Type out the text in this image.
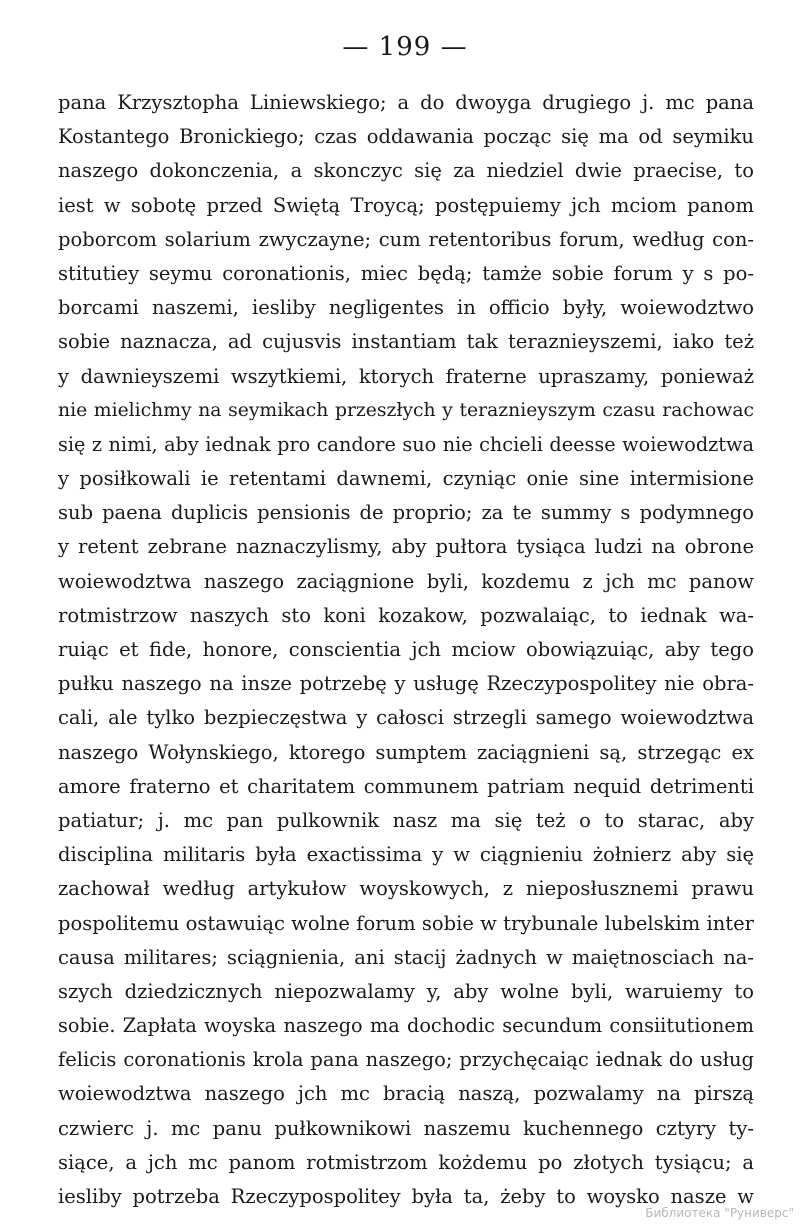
— 199 —
pana Krzysztopha Liniewskiego; a do dwoyga drugiego j. mc pana
Kostantego Bronickiego; czas oddawania począc się ma od seymiku
naszego dokonczenia, a skonczyc się za niedziel dwie praecise, to
iest w sobotę przed Swiętą Troycą; postępuiemy jch mciom panom
poborcom solarium zwyczayne; cum retentoribus forum, według con-
stitutiey seymu coronationis, miec będą; tamże sobie forum y s po-
borcami naszemi, iesliby negligentes in officio były, woiewodztwo
sobie naznacza, ad cujusvis instantiam tak teraznieyszemi, iako też
y dawnieyszemi wszytkiemi, ktorych fraterne upraszamy, ponieważ
nie mielichmy na seymikach przeszłych y teraznieyszym czasu rachowac
się z nimi, aby iednak pro candore suo nie chcieli deesse woiewodztwa
y posiłkowali ie retentami dawnemi, czyniąc onie sine intermisione
sub paena duplicis pensionis de proprio; za te summy s podymnego
y retent zebrane naznaczylismy, aby pułtora tysiąca ludzi na obrone
woiewodztwa naszego zaciągnione byli, kozdemu z jch mc panow
rotmistrzow naszych sto koni kozakow, pozwalaiąc, to iednak wa-
ruiąc et fide, honore, conscientia jch mciow obowiązuiąc, aby tego
pułku naszego na insze potrzebę y usługę Rzeczypospolitey nie obra-
cali, ale tylko bezpieczęstwa y całosci strzegli samego woiewodztwa
naszego Wołynskiego, ktorego sumptem zaciągnieni są, strzegąc ex
amore fraterno et charitatem communem patriam nequid detrimenti
patiatur; j. mc pan pulkownik nasz ma się też o to starac, aby
disciplina militaris była exactissima y w ciągnieniu żołnierz aby się
zachował według artykułow woyskowych, z nieposłusznemi prawu
pospolitemu ostawuiąc wolne forum sobie w trybunale lubelskim inter
causa militares; sciągnienia, ani stacij żadnych w maiętnosciach na-
szych dziedzicznych niepozwalamy y, aby wolne byli, waruiemy to
sobie. Zapłata woyska naszego ma dochodic secundum consiitutionem
felicis coronationis krola pana naszego; przychęcaiąc iednak do usług
woiewodztwa naszego jch mc bracią naszą, pozwalamy na pirszą
czwierc j. mc panu pułkownikowi naszemu kuchennego cztyry ty-
siące, a jch mc panom rotmistrzom kożdemu po złotych tysiącu; a
iesliby potrzeba Rzeczypospolitey była ta, żeby to woysko nasze w
Библиотека "Руниверс"
